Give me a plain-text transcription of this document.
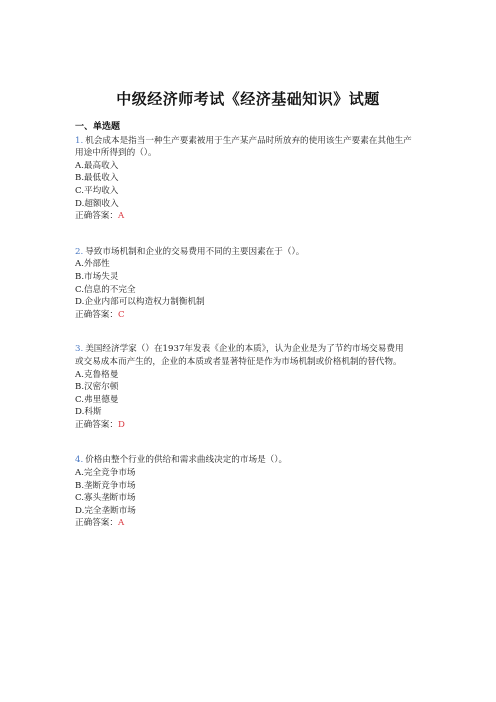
中级经济师考试《经济基础知识》试题
一、单选题
1. 机会成本是指当一种生产要素被用于生产某产品时所放弃的使用该生产要素在其他生产
用途中所得到的（）。
A.最高收入
B.最低收入
C.平均收入
D.超额收入
正确答案：A
2. 导致市场机制和企业的交易费用不同的主要因素在于（）。
A.外部性
B.市场失灵
C.信息的不完全
D.企业内部可以构造权力制衡机制
正确答案：C
3. 美国经济学家（）在1937年发表《企业的本质》，认为企业是为了节约市场交易费用
或交易成本而产生的，企业的本质或者显著特征是作为市场机制或价格机制的替代物。
A.克鲁格曼
B.汉密尔顿
C.弗里德曼
D.科斯
正确答案：D
4. 价格由整个行业的供给和需求曲线决定的市场是（）。
A.完全竞争市场
B.垄断竞争市场
C.寡头垄断市场
D.完全垄断市场
正确答案：A
